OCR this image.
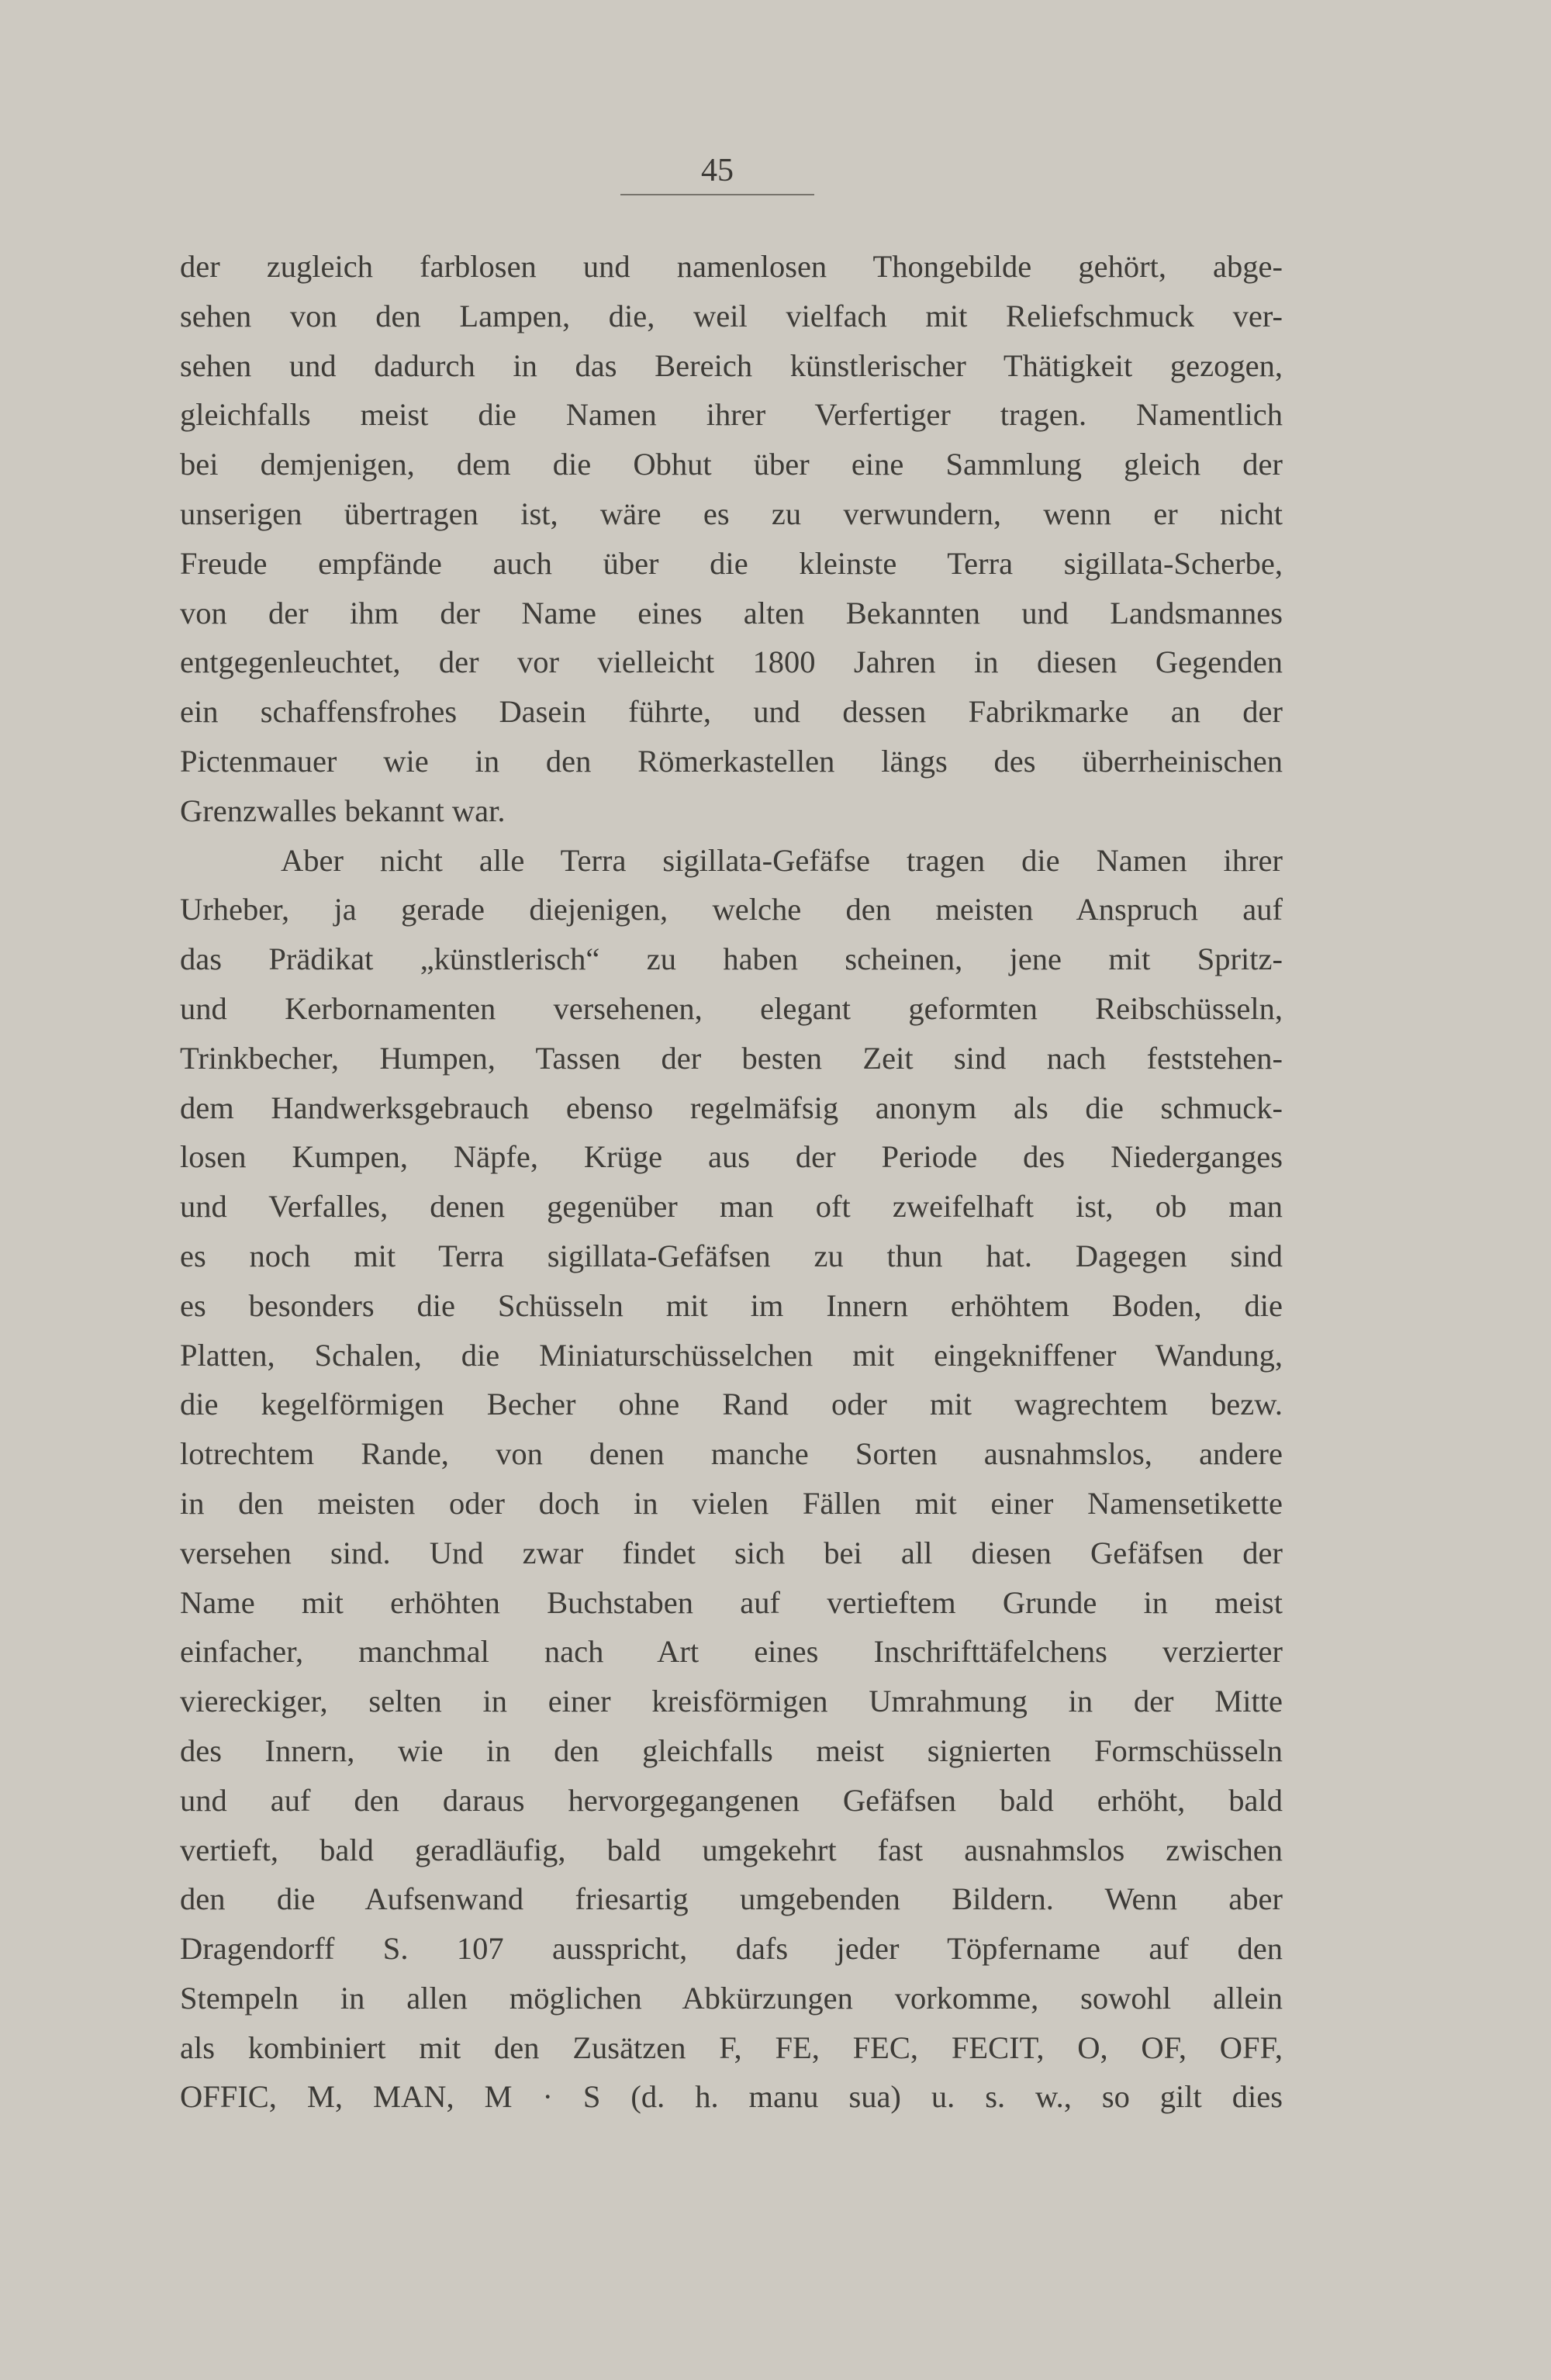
45
der zugleich farblosen und namenlosen Thongebilde gehört, abge-
sehen von den Lampen, die, weil vielfach mit Reliefschmuck ver-
sehen und dadurch in das Bereich künstlerischer Thätigkeit gezogen,
gleichfalls meist die Namen ihrer Verfertiger tragen. Namentlich
bei demjenigen, dem die Obhut über eine Sammlung gleich der
unserigen übertragen ist, wäre es zu verwundern, wenn er nicht
Freude empfände auch über die kleinste Terra sigillata-Scherbe,
von der ihm der Name eines alten Bekannten und Landsmannes
entgegenleuchtet, der vor vielleicht 1800 Jahren in diesen Gegenden
ein schaffensfrohes Dasein führte, und dessen Fabrikmarke an der
Pictenmauer wie in den Römerkastellen längs des überrheinischen
Grenzwalles bekannt war.
Aber nicht alle Terra sigillata-Gefäfse tragen die Namen ihrer
Urheber, ja gerade diejenigen, welche den meisten Anspruch auf
das Prädikat „künstlerisch“ zu haben scheinen, jene mit Spritz-
und Kerbornamenten versehenen, elegant geformten Reibschüsseln,
Trinkbecher, Humpen, Tassen der besten Zeit sind nach feststehen-
dem Handwerksgebrauch ebenso regelmäfsig anonym als die schmuck-
losen Kumpen, Näpfe, Krüge aus der Periode des Niederganges
und Verfalles, denen gegenüber man oft zweifelhaft ist, ob man
es noch mit Terra sigillata-Gefäfsen zu thun hat. Dagegen sind
es besonders die Schüsseln mit im Innern erhöhtem Boden, die
Platten, Schalen, die Miniaturschüsselchen mit eingekniffener Wandung,
die kegelförmigen Becher ohne Rand oder mit wagrechtem bezw.
lotrechtem Rande, von denen manche Sorten ausnahmslos, andere
in den meisten oder doch in vielen Fällen mit einer Namensetikette
versehen sind. Und zwar findet sich bei all diesen Gefäfsen der
Name mit erhöhten Buchstaben auf vertieftem Grunde in meist
einfacher, manchmal nach Art eines Inschrifttäfelchens verzierter
viereckiger, selten in einer kreisförmigen Umrahmung in der Mitte
des Innern, wie in den gleichfalls meist signierten Formschüsseln
und auf den daraus hervorgegangenen Gefäfsen bald erhöht, bald
vertieft, bald geradläufig, bald umgekehrt fast ausnahmslos zwischen
den die Aufsenwand friesartig umgebenden Bildern. Wenn aber
Dragendorff S. 107 ausspricht, dafs jeder Töpfername auf den
Stempeln in allen möglichen Abkürzungen vorkomme, sowohl allein
als kombiniert mit den Zusätzen F, FE, FEC, FECIT, O, OF, OFF,
OFFIC, M, MAN, M · S (d. h. manu sua) u. s. w., so gilt dies
